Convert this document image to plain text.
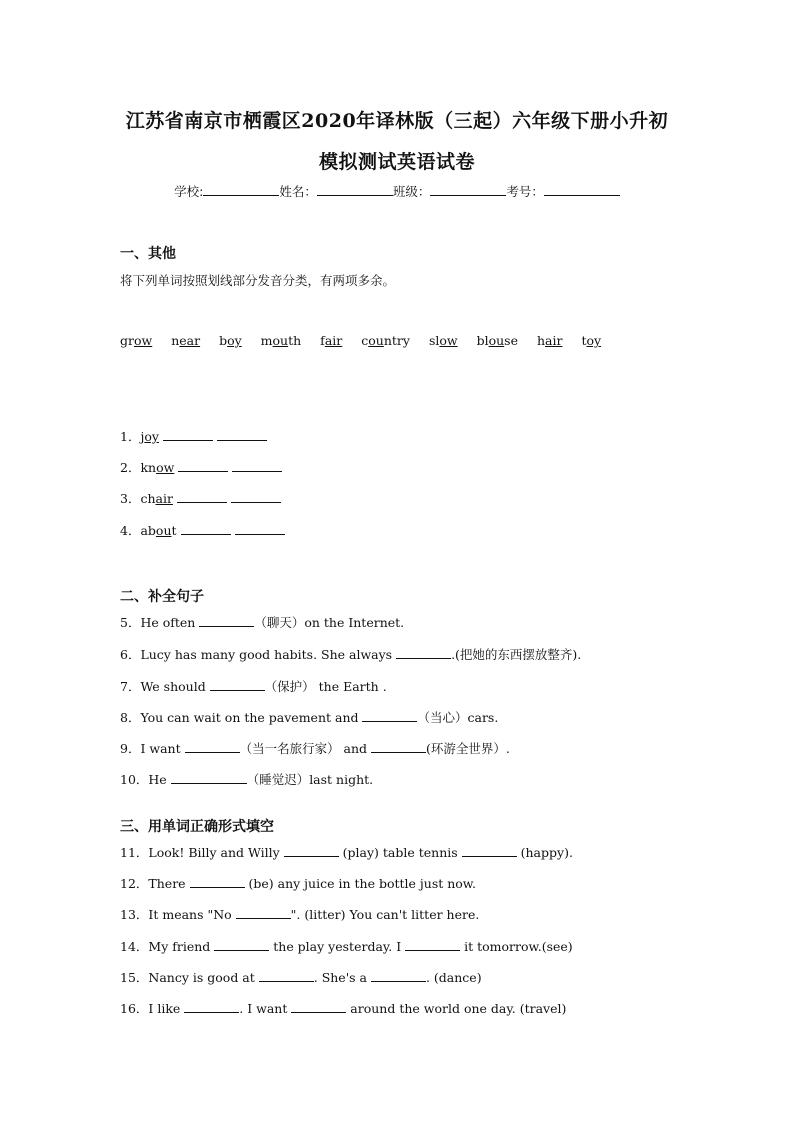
江苏省南京市栖霞区2020年译林版（三起）六年级下册小升初
模拟测试英语试卷
学校:	姓名：	班级：	考号：
一、其他
将下列单词按照划线部分发音分类，有两项多余。
grow near boy mouth fair country slow blouse hair toy
1．joy
2．know
3．chair
4．about
二、补全句子
5．He often	（聊天）on the Internet.
6．Lucy has many good habits. She always	.(把她的东西摆放整齐).
7．We should	（保护） the Earth .
8．You can wait on the pavement and	（当心）cars.
9．I want	（当一名旅行家） and	(环游全世界）.
10．He	（睡觉迟）last night.
三、用单词正确形式填空
11．Look! Billy and Willy	(play) table tennis	(happy).
12．There	(be) any juice in the bottle just now.
13．It means "No	". (litter) You can't litter here.
14．My friend	the play yesterday. I	it tomorrow.(see)
15．Nancy is good at	. She's a	. (dance)
16．I like	. I want	around the world one day. (travel)
